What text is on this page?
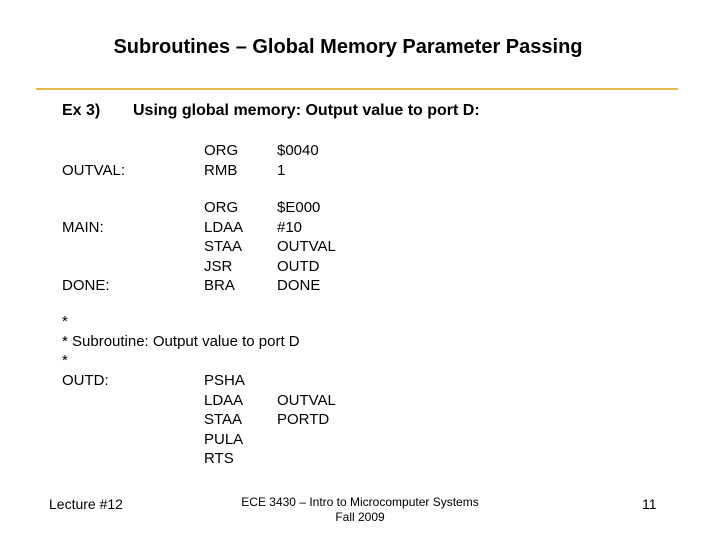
Subroutines – Global Memory Parameter Passing
Ex 3) Using global memory: Output value to port D:

OUTVAL:
ORG
RMB
$0040
1

MAIN:

DONE:
ORG
LDAA
STAA
JSR
BRA
$E000
#10
OUTVAL
OUTD
DONE
*
* Subroutine: Output value to port D
*
OUTD:	PSHA
LDAA
STAA
PULA
RTS

OUTVAL
PORTD
Lecture #12	ECE 3430 – Intro to Microcomputer Systems
Fall 2009
11
